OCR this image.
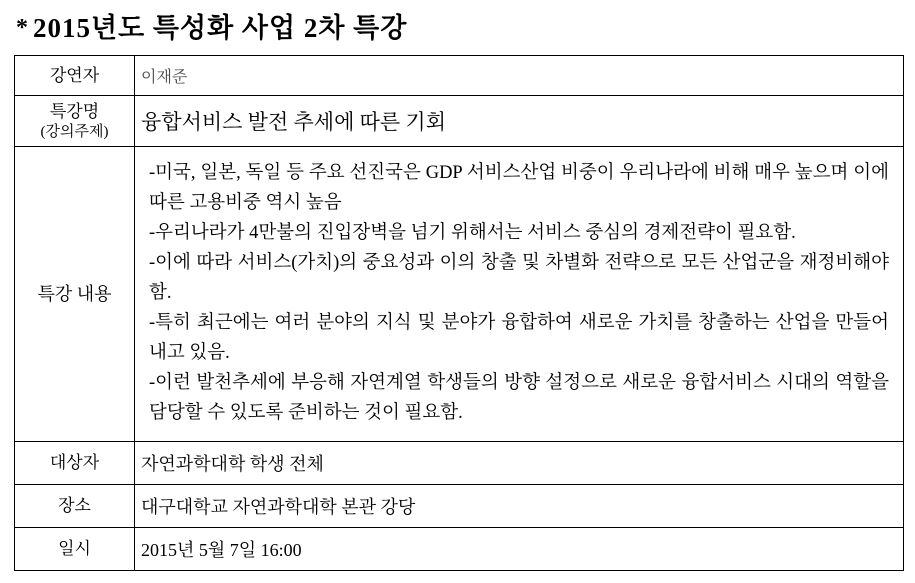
* 2015년도 특성화 사업 2차 특강
강연자	이재준
특강명
(강의주제)	융합서비스 발전 추세에 따른 기회
특강 내용	-미국, 일본, 독일 등 주요 선진국은 GDP 서비스산업 비중이 우리나라에 비해 매우 높으며 이에 따른 고용비중 역시 높음
-우리나라가 4만불의 진입장벽을 넘기 위해서는 서비스 중심의 경제전략이 필요함.
-이에 따라 서비스(가치)의 중요성과 이의 창출 및 차별화 전략으로 모든 산업군을 재정비해야 함.
-특히 최근에는 여러 분야의 지식 및 분야가 융합하여 새로운 가치를 창출하는 산업을 만들어내고 있음.
-이런 발천추세에 부응해 자연계열 학생들의 방향 설정으로 새로운 융합서비스 시대의 역할을 담당할 수 있도록 준비하는 것이 필요함.

대상자	자연과학대학 학생 전체
장소	대구대학교 자연과학대학 본관 강당
일시	2015년 5월 7일 16:00
